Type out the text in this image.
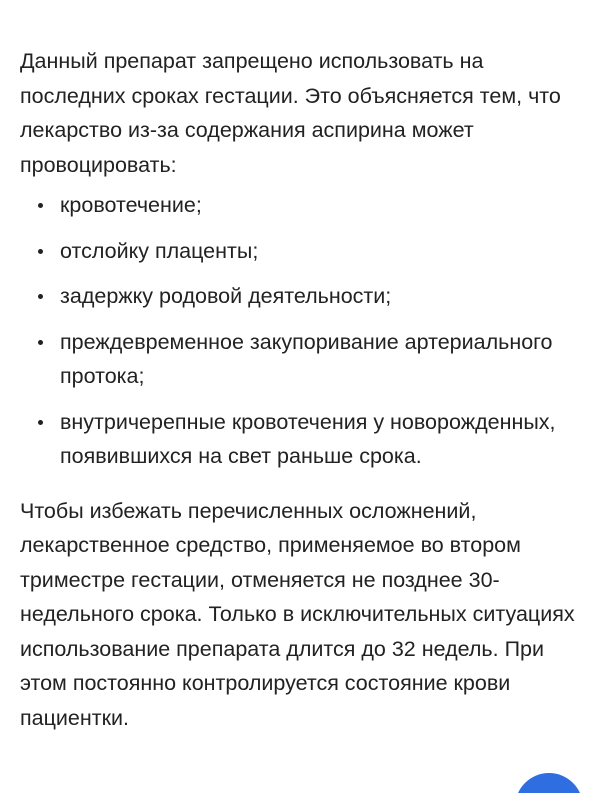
Данный препарат запрещено использовать на последних сроках гестации. Это объясняется тем, что лекарство из-за содержания аспирина может провоцировать:

кровотечение;
отслойку плаценты;
задержку родовой деятельности;
преждевременное закупоривание артериального протока;
внутричерепные кровотечения у новорожденных, появившихся на свет раньше срока.

Чтобы избежать перечисленных осложнений, лекарственное средство, применяемое во втором триместре гестации, отменяется не позднее 30-недельного срока. Только в исключительных ситуациях использование препарата длится до 32 недель. При этом постоянно контролируется состояние крови пациентки.
